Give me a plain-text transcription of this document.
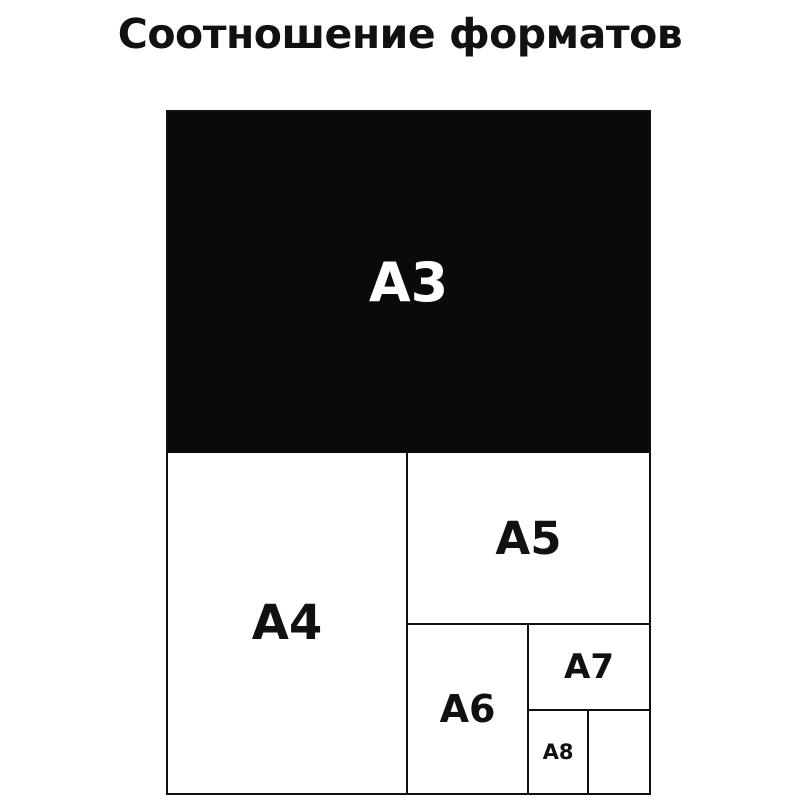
Соотношение форматов
A3
A4
A5
A6
A7
A8
